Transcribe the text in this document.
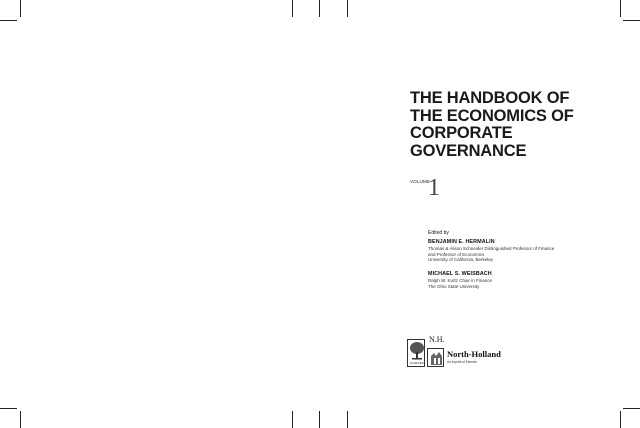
THE HANDBOOK OF
THE ECONOMICS OF
CORPORATE
GOVERNANCE
VOLUME
1
Edited by
BENJAMIN E. HERMALIN
Thomas & Alison Schneider Distinguished Professor of Finance
and Professor of Economics
University of California, Berkeley
MICHAEL S. WEISBACH
Ralph W. Kurtz Chair in Finance
The Ohio State University
ELSEVIER
N.H.
North-Holland
An imprint of Elsevier
